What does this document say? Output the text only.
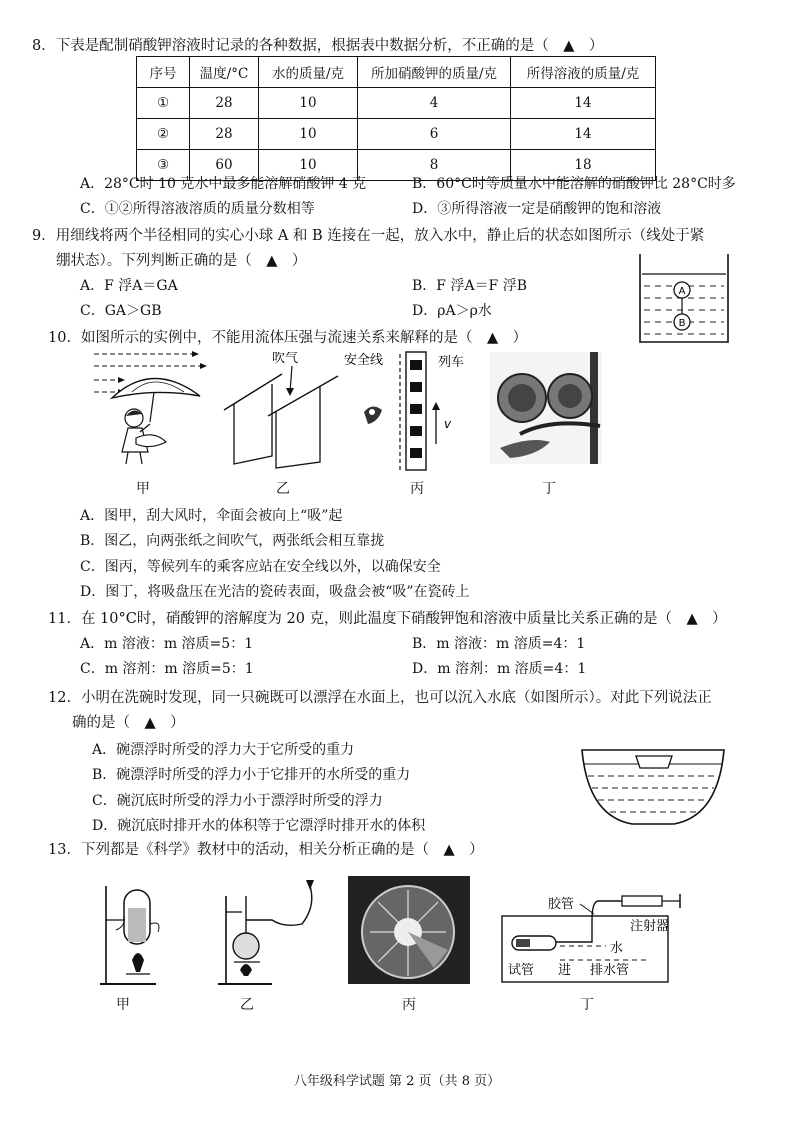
8．下表是配制硝酸钾溶液时记录的各种数据，根据表中数据分析，不正确的是（　▲　）
序号	温度/°C	水的质量/克	所加硝酸钾的质量/克	所得溶液的质量/克
①	28	10	4	14
②	28	10	6	14
③	60	10	8	18
A．28°C时 10 克水中最多能溶解硝酸钾 4 克	B．60°C时等质量水中能溶解的硝酸钾比 28°C时多
C．①②所得溶液溶质的质量分数相等	D．③所得溶液一定是硝酸钾的饱和溶液
9．用细线将两个半径相同的实心小球 A 和 B 连接在一起，放入水中，静止后的状态如图所示（线处于紧
绷状态）。下列判断正确的是（　▲　）
A．F 浮A＝GA	B．F 浮A＝F 浮B
C．GA＞GB	D．ρA＞ρ水
A
B
10．如图所示的实例中，不能用流体压强与流速关系来解释的是（　▲　）
吹气	安全线	列车
v
甲	乙	丙	丁
A．图甲，刮大风时，伞面会被向上“吸”起
B．图乙，向两张纸之间吹气，两张纸会相互靠拢
C．图丙，等候列车的乘客应站在安全线以外，以确保安全
D．图丁，将吸盘压在光洁的瓷砖表面，吸盘会被“吸”在瓷砖上
11．在 10°C时，硝酸钾的溶解度为 20 克，则此温度下硝酸钾饱和溶液中质量比关系正确的是（　▲　）
A．m 溶液：m 溶质=5：1	B．m 溶液：m 溶质=4：1
C．m 溶剂：m 溶质=5：1	D．m 溶剂：m 溶质=4：1
12．小明在洗碗时发现，同一只碗既可以漂浮在水面上，也可以沉入水底（如图所示）。对此下列说法正
确的是（　▲　）
A．碗漂浮时所受的浮力大于它所受的重力
B．碗漂浮时所受的浮力小于它排开的水所受的重力
C．碗沉底时所受的浮力小于漂浮时所受的浮力
D．碗沉底时排开水的体积等于它漂浮时排开水的体积
13．下列都是《科学》教材中的活动，相关分析正确的是（　▲　）
胶管
注射器
水
试管 进 排水管
甲	乙	丙	丁
八年级科学试题 第 2 页（共 8 页）
